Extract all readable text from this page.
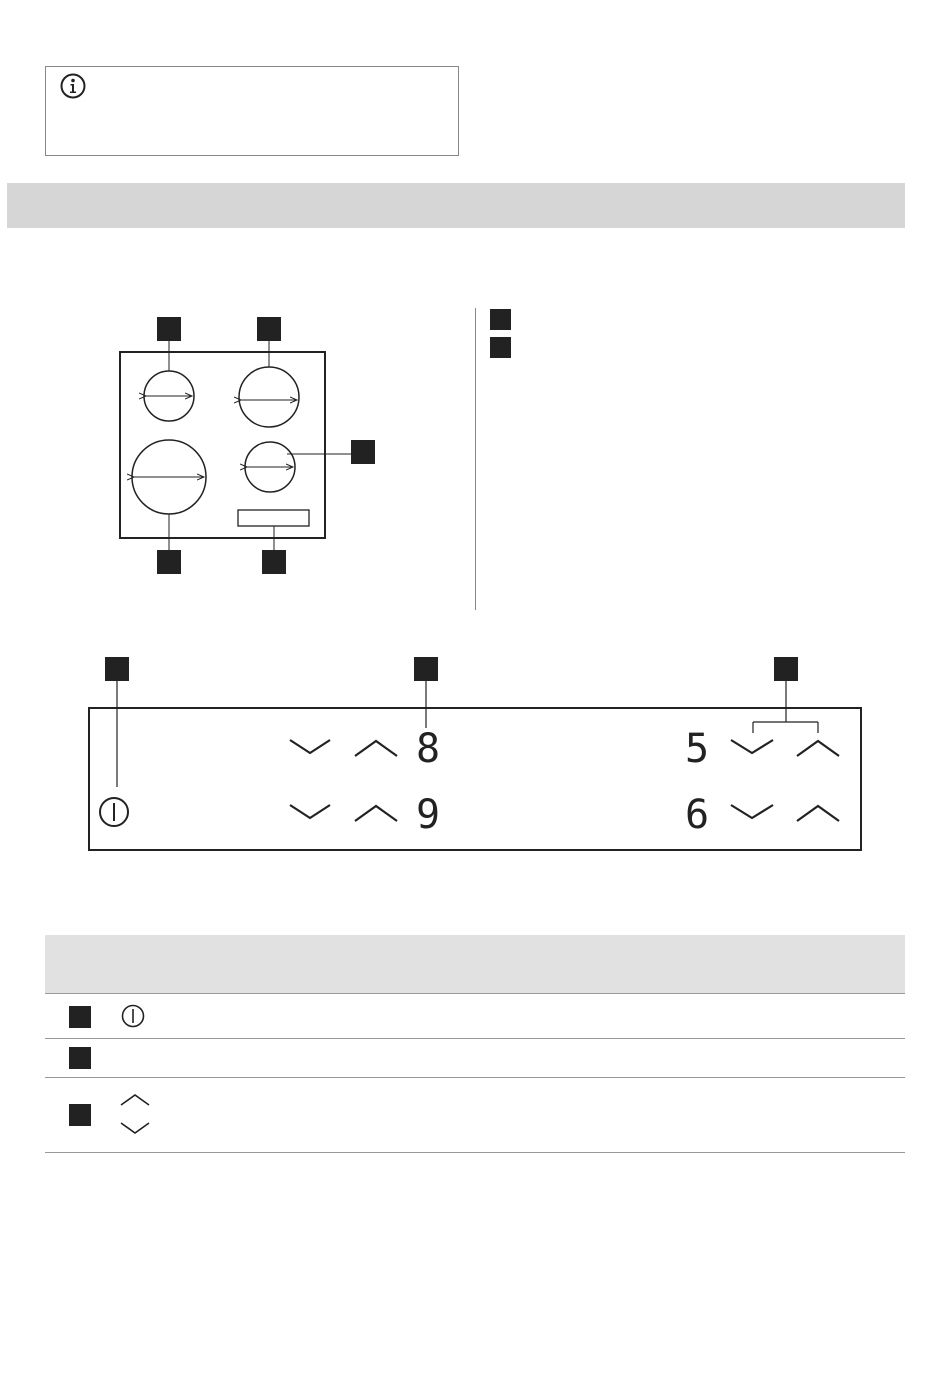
8
9
5
6
